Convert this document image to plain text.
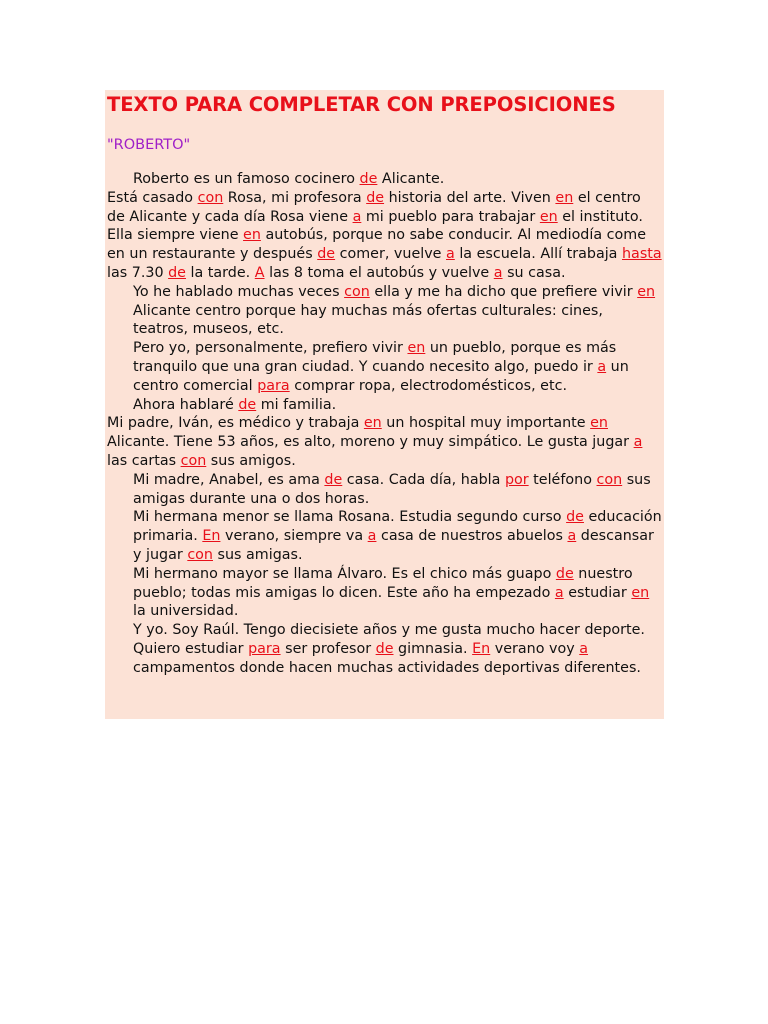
TEXTO PARA COMPLETAR CON PREPOSICIONES
"ROBERTO"

Roberto es un famoso cocinero de Alicante.

Está casado con Rosa, mi profesora de historia del arte. Viven en el centro de Alicante y cada día Rosa viene a mi pueblo para trabajar en el instituto. Ella siempre viene en autobús, porque no sabe conducir. Al mediodía come en un restaurante y después de comer, vuelve a la escuela. Allí trabaja hasta las 7.30 de la tarde. A las 8 toma el autobús y vuelve a su casa.

Yo he hablado muchas veces con ella y me ha dicho que prefiere vivir en Alicante centro porque hay muchas más ofertas culturales: cines, teatros, museos, etc.

Pero yo, personalmente, prefiero vivir en un pueblo, porque es más tranquilo que una gran ciudad. Y cuando necesito algo, puedo ir a un centro comercial para comprar ropa, electrodomésticos, etc.

Ahora hablaré de mi familia.

Mi padre, Iván, es médico y trabaja en un hospital muy importante en Alicante. Tiene 53 años, es alto, moreno y muy simpático. Le gusta jugar a las cartas con sus amigos.

Mi madre, Anabel, es ama de casa. Cada día, habla por teléfono con sus amigas durante una o dos horas.

Mi hermana menor se llama Rosana. Estudia segundo curso de educación primaria. En verano, siempre va a casa de nuestros abuelos a descansar y jugar con sus amigas.

Mi hermano mayor se llama Álvaro. Es el chico más guapo de nuestro pueblo; todas mis amigas lo dicen. Este año ha empezado a estudiar en la universidad.

Y yo. Soy Raúl. Tengo diecisiete años y me gusta mucho hacer deporte. Quiero estudiar para ser profesor de gimnasia. En verano voy a campamentos donde hacen muchas actividades deportivas diferentes.
